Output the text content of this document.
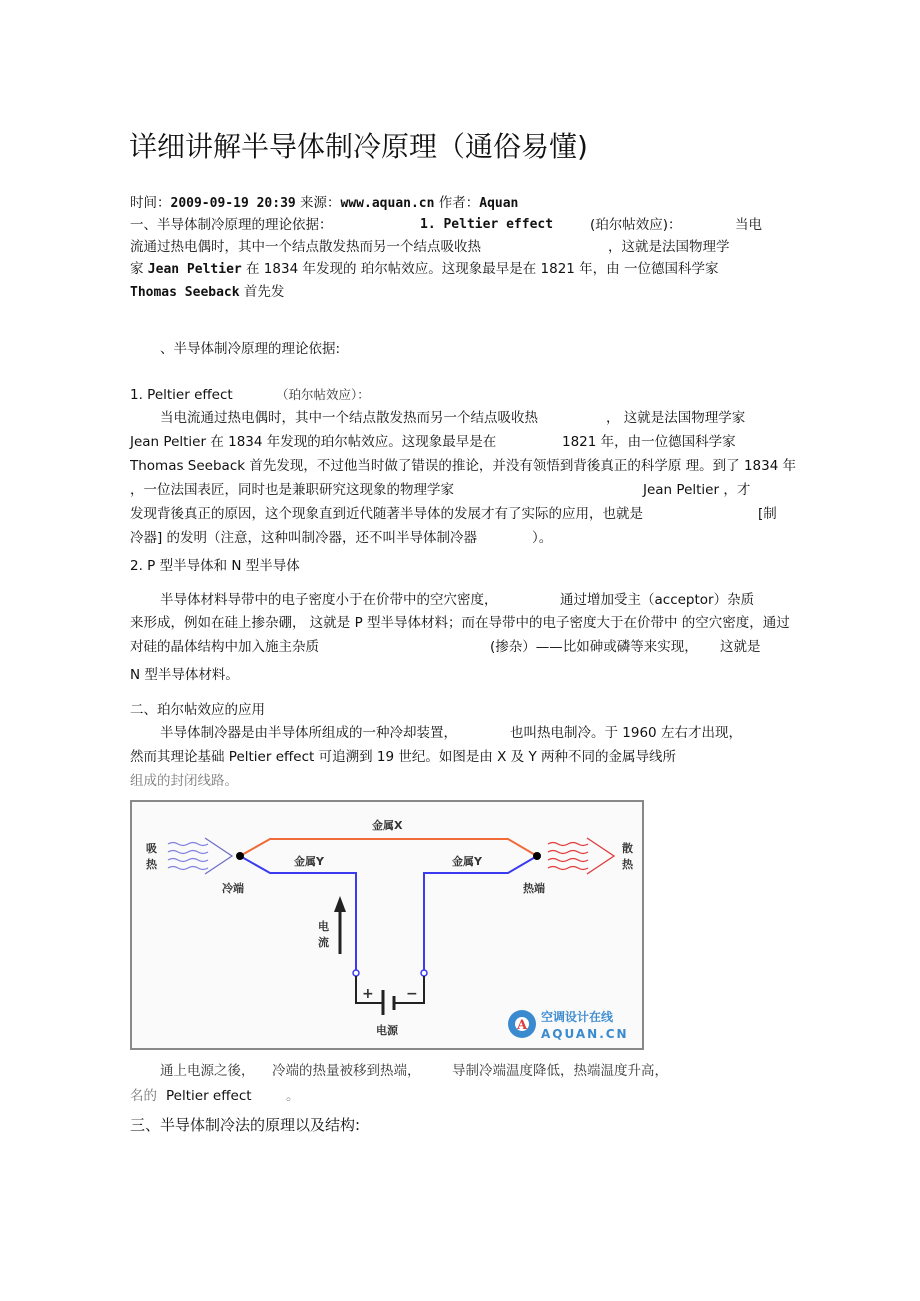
详细讲解半导体制冷原理（通俗易懂)
时间：2009-09-19 20:39 来源：www.aquan.cn 作者：Aquan
一、半导体制冷原理的理论依据：	1. Peltier effect	(珀尔帖效应)：	当电
流通过热电偶时，其中一个结点散发热而另一个结点吸收热	，这就是法国物理学
家 Jean Peltier 在 1834 年发现的 珀尔帖效应。这现象最早是在 1821 年，由 一位德国科学家
Thomas Seeback 首先发
、半导体制冷原理的理论依据:
1. Peltier effect	（珀尔帖效应）：
当电流通过热电偶时，其中一个结点散发热而另一个结点吸收热	， 这就是法国物理学家
Jean Peltier 在 1834 年发现的珀尔帖效应。这现象最早是在	1821 年，由一位德国科学家
Thomas Seeback 首先发现，不过他当时做了错误的推论，并没有领悟到背後真正的科学原 理。到了 1834 年
，一位法国表匠，同时也是兼职研究这现象的物理学家	Jean Peltier ，才
发现背後真正的原因，这个现象直到近代随著半导体的发展才有了实际的应用，也就是	[制
冷器] 的发明（注意，这种叫制冷器，还不叫半导体制冷器	）。
2. P 型半导体和 N 型半导体
半导体材料导带中的电子密度小于在价带中的空穴密度，	通过增加受主（acceptor）杂质
来形成，例如在硅上掺杂硼， 这就是 P 型半导体材料；而在导带中的电子密度大于在价带中 的空穴密度，通过
对硅的晶体结构中加入施主杂质	(掺杂）——比如砷或磷等来实现， 这就是
N 型半导体材料。
二、珀尔帖效应的应用
半导体制冷器是由半导体所组成的一种冷却装置，	也叫热电制冷。于 1960 左右才出现，
然而其理论基础 Peltier effect 可追溯到 19 世纪。如图是由 X 及 Y 两种不同的金属导线所
组成的封闭线路。
金属X
金属Y	金属Y
冷端	热端
吸
热
散
热
电
流
+ −
电源	A
空调设计在线
AQUAN.CN
通上电源之後， 冷端的热量被移到热端， 导制冷端温度降低，热端温度升高，
名的 Peltier effect	。
三、半导体制冷法的原理以及结构:
